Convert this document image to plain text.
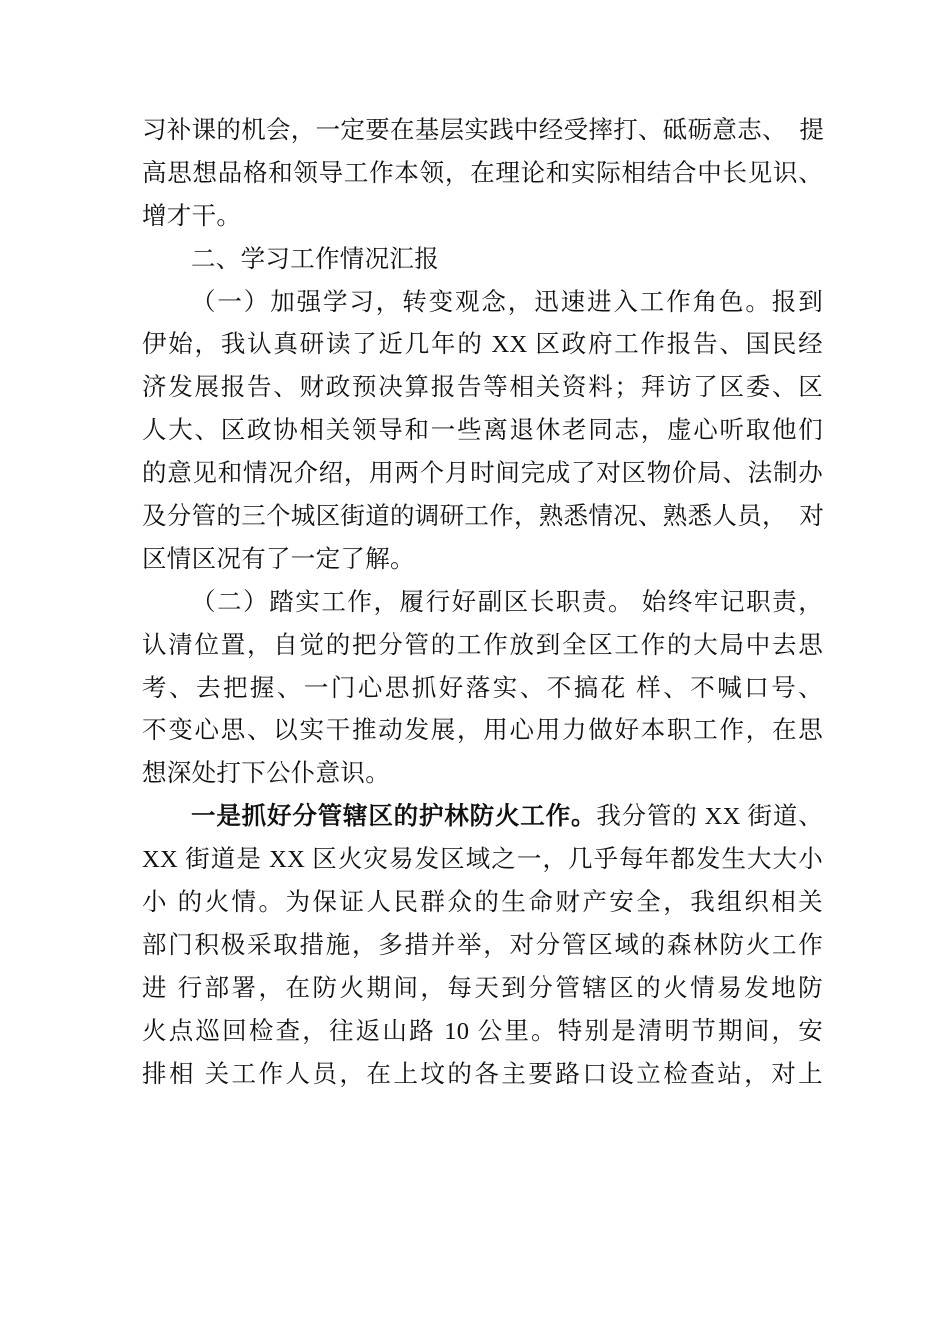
习补课的机会，一定要在基层实践中经受摔打、砥砺意志、　提
高思想品格和领导工作本领，在理论和实际相结合中长见识、
增才干。
二、学习工作情况汇报
（一）加强学习，转变观念，迅速进入工作角色。报到
伊始，我认真研读了近几年的 XX 区政府工作报告、国民经
济发展报告、财政预决算报告等相关资料；拜访了区委、区
人大、区政协相关领导和一些离退休老同志，虚心听取他们
的意见和情况介绍，用两个月时间完成了对区物价局、法制办
及分管的三个城区街道的调研工作，熟悉情况、熟悉人员，　对
区情区况有了一定了解。
（二）踏实工作，履行好副区长职责。 始终牢记职责，
认清位置，自觉的把分管的工作放到全区工作的大局中去思
考、去把握、一门心思抓好落实、不搞花 样、不喊口号、
不变心思、以实干推动发展，用心用力做好本职工作，在思
想深处打下公仆意识。
一是抓好分管辖区的护林防火工作。我分管的 XX 街道、
XX 街道是 XX 区火灾易发区域之一，几乎每年都发生大大小
小 的火情。为保证人民群众的生命财产安全，我组织相关
部门积极采取措施，多措并举，对分管区域的森林防火工作
进 行部署，在防火期间，每天到分管辖区的火情易发地防
火点巡回检查，往返山路 10 公里。特别是清明节期间，安
排相 关工作人员，在上坟的各主要路口设立检查站，对上
